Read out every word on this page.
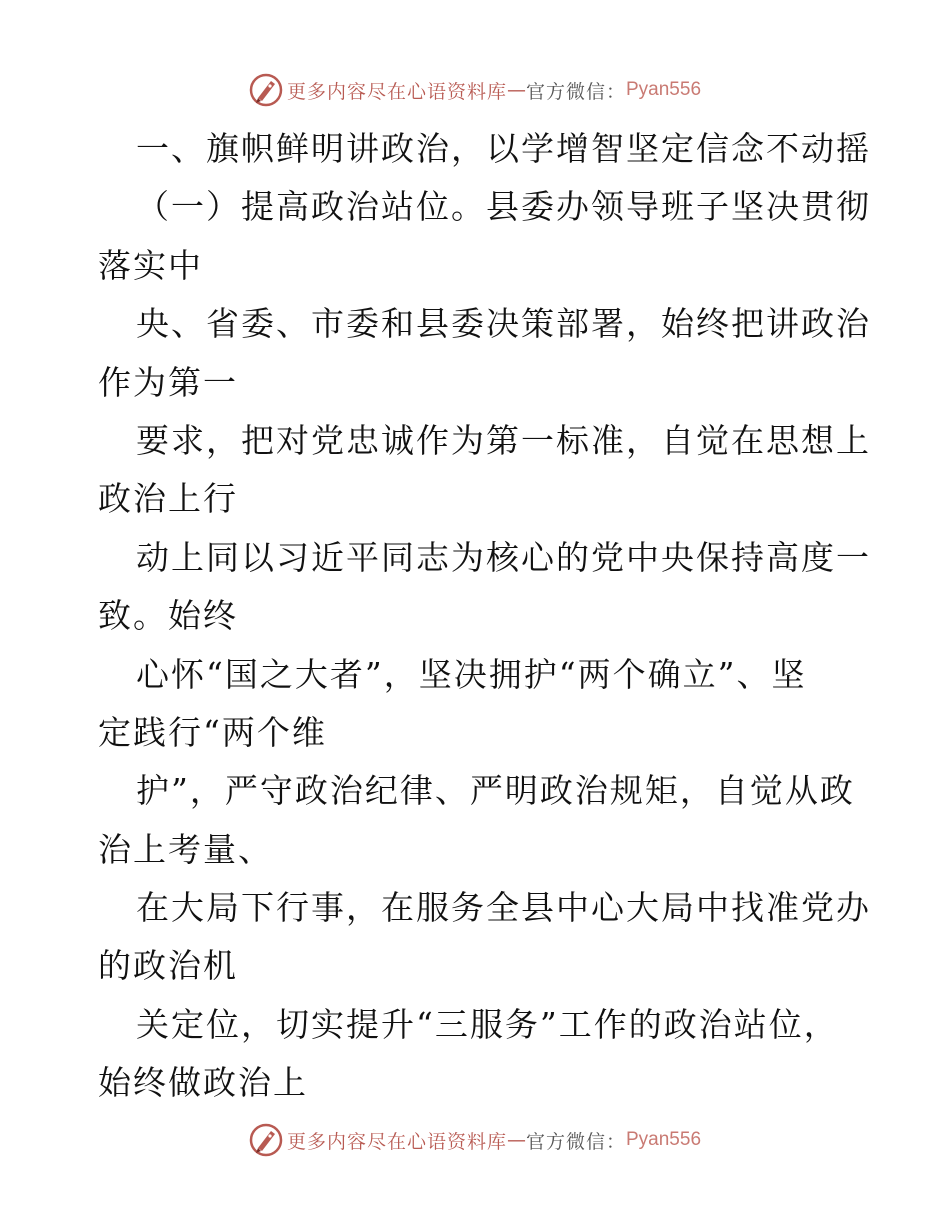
更多内容尽在心语资料库 — 官方微信： Pyan556
一、旗帜鲜明讲政治，以学增智坚定信念不动摇
（一）提高政治站位。县委办领导班子坚决贯彻
落实中
央、省委、市委和县委决策部署，始终把讲政治
作为第一
要求，把对党忠诚作为第一标准，自觉在思想上
政治上行
动上同以习近平同志为核心的党中央保持高度一
致。始终
心怀“国之大者”，坚决拥护“两个确立”、坚
定践行“两个维
护”，严守政治纪律、严明政治规矩，自觉从政
治上考量、
在大局下行事，在服务全县中心大局中找准党办
的政治机
关定位，切实提升“三服务”工作的政治站位，
始终做政治上
更多内容尽在心语资料库 — 官方微信： Pyan556
